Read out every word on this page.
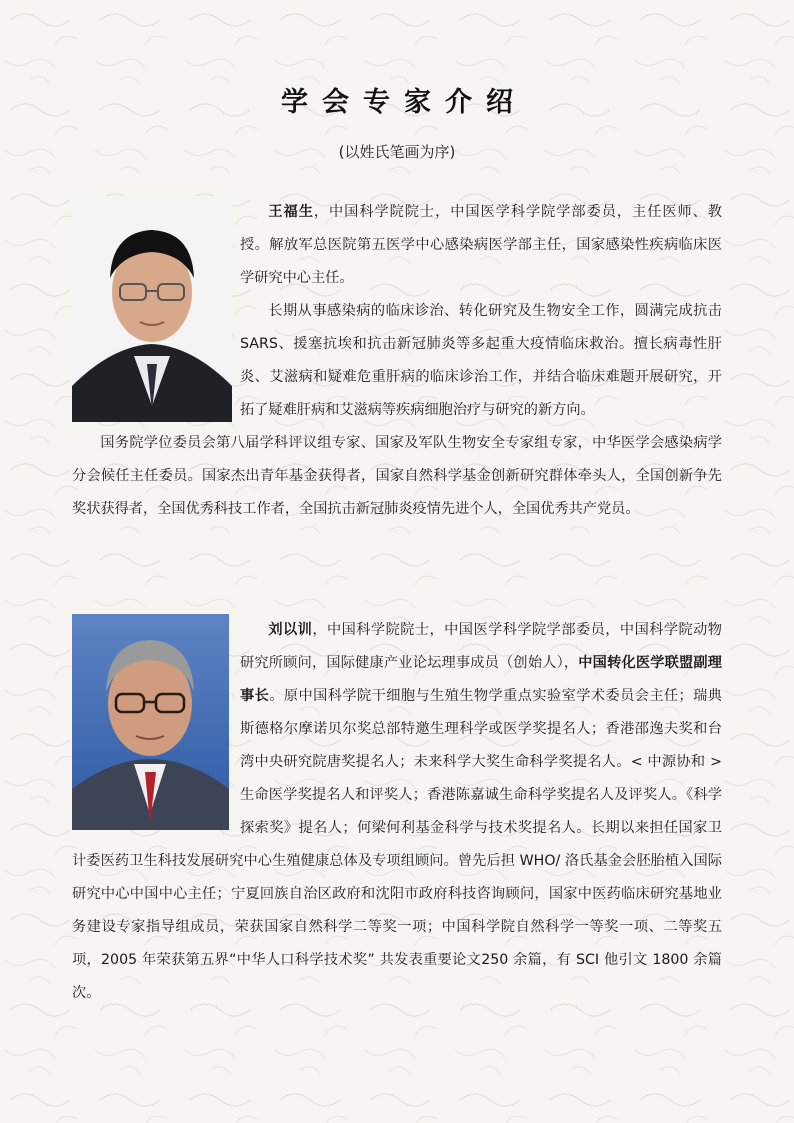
学会专家介绍
(以姓氏笔画为序)

王福生，中国科学院院士，中国医学科学院学部委员，主任医师、教授。解放军总医院第五医学中心感染病医学部主任，国家感染性疾病临床医学研究中心主任。

长期从事感染病的临床诊治、转化研究及生物安全工作，圆满完成抗击SARS、援塞抗埃和抗击新冠肺炎等多起重大疫情临床救治。擅长病毒性肝炎、艾滋病和疑难危重肝病的临床诊治工作，并结合临床难题开展研究，开拓了疑难肝病和艾滋病等疾病细胞治疗与研究的新方向。

国务院学位委员会第八届学科评议组专家、国家及军队生物安全专家组专家，中华医学会感染病学分会候任主任委员。国家杰出青年基金获得者，国家自然科学基金创新研究群体牵头人，全国创新争先奖状获得者，全国优秀科技工作者，全国抗击新冠肺炎疫情先进个人，全国优秀共产党员。

刘以训，中国科学院院士，中国医学科学院学部委员，中国科学院动物研究所顾问，国际健康产业论坛理事成员（创始人），中国转化医学联盟副理事长。原中国科学院干细胞与生殖生物学重点实验室学术委员会主任；瑞典斯德格尔摩诺贝尔奖总部特邀生理科学或医学奖提名人；香港邵逸夫奖和台湾中央研究院唐奖提名人；未来科学大奖生命科学奖提名人。< 中源协和 > 生命医学奖提名人和评奖人；香港陈嘉诚生命科学奖提名人及评奖人。《科学探索奖》提名人；何梁何利基金科学与技术奖提名人。长期以来担任国家卫计委医药卫生科技发展研究中心生殖健康总体及专项组顾问。曾先后担 WHO/ 洛氏基金会胚胎植入国际研究中心中国中心主任；宁夏回族自治区政府和沈阳市政府科技咨询顾问，国家中医药临床研究基地业务建设专家指导组成员，荣获国家自然科学二等奖一项；中国科学院自然科学一等奖一项、二等奖五项，2005 年荣获第五界“中华人口科学技术奖” 共发表重要论文250 余篇，有 SCI 他引文 1800 余篇次。
